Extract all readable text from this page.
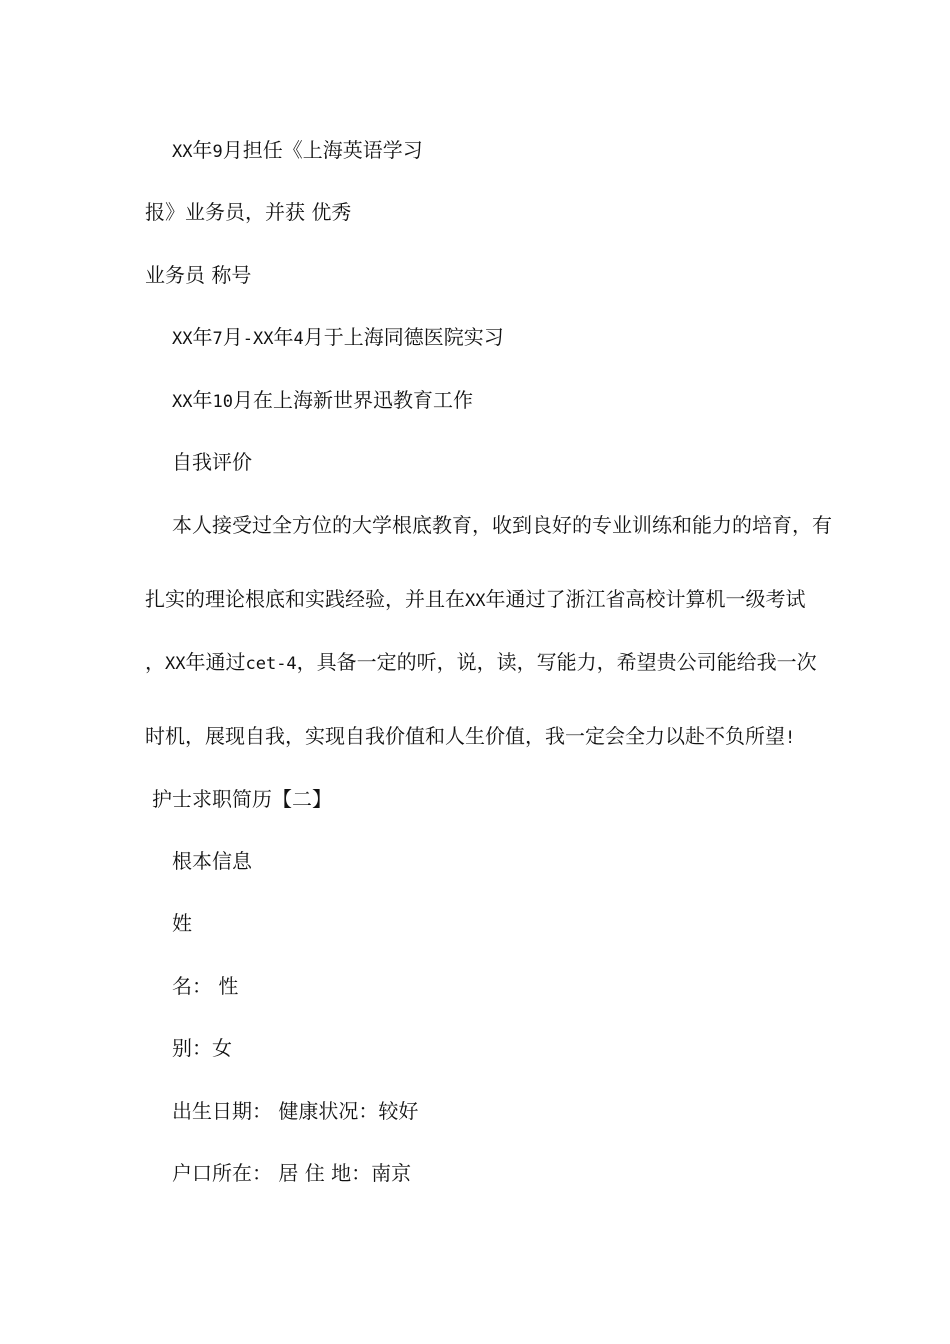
XX年9月担任《上海英语学习
报》业务员，并获 优秀
业务员 称号
XX年7月-XX年4月于上海同德医院实习
XX年10月在上海新世界迅教育工作
自我评价
本人接受过全方位的大学根底教育，收到良好的专业训练和能力的培育，有
扎实的理论根底和实践经验，并且在XX年通过了浙江省高校计算机一级考试
，XX年通过cet-4，具备一定的听，说，读，写能力，希望贵公司能给我一次
时机，展现自我，实现自我价值和人生价值，我一定会全力以赴不负所望!
护士求职简历【二】
根本信息
姓
名： 性
别：女
出生日期： 健康状况：较好
户口所在： 居 住 地：南京
